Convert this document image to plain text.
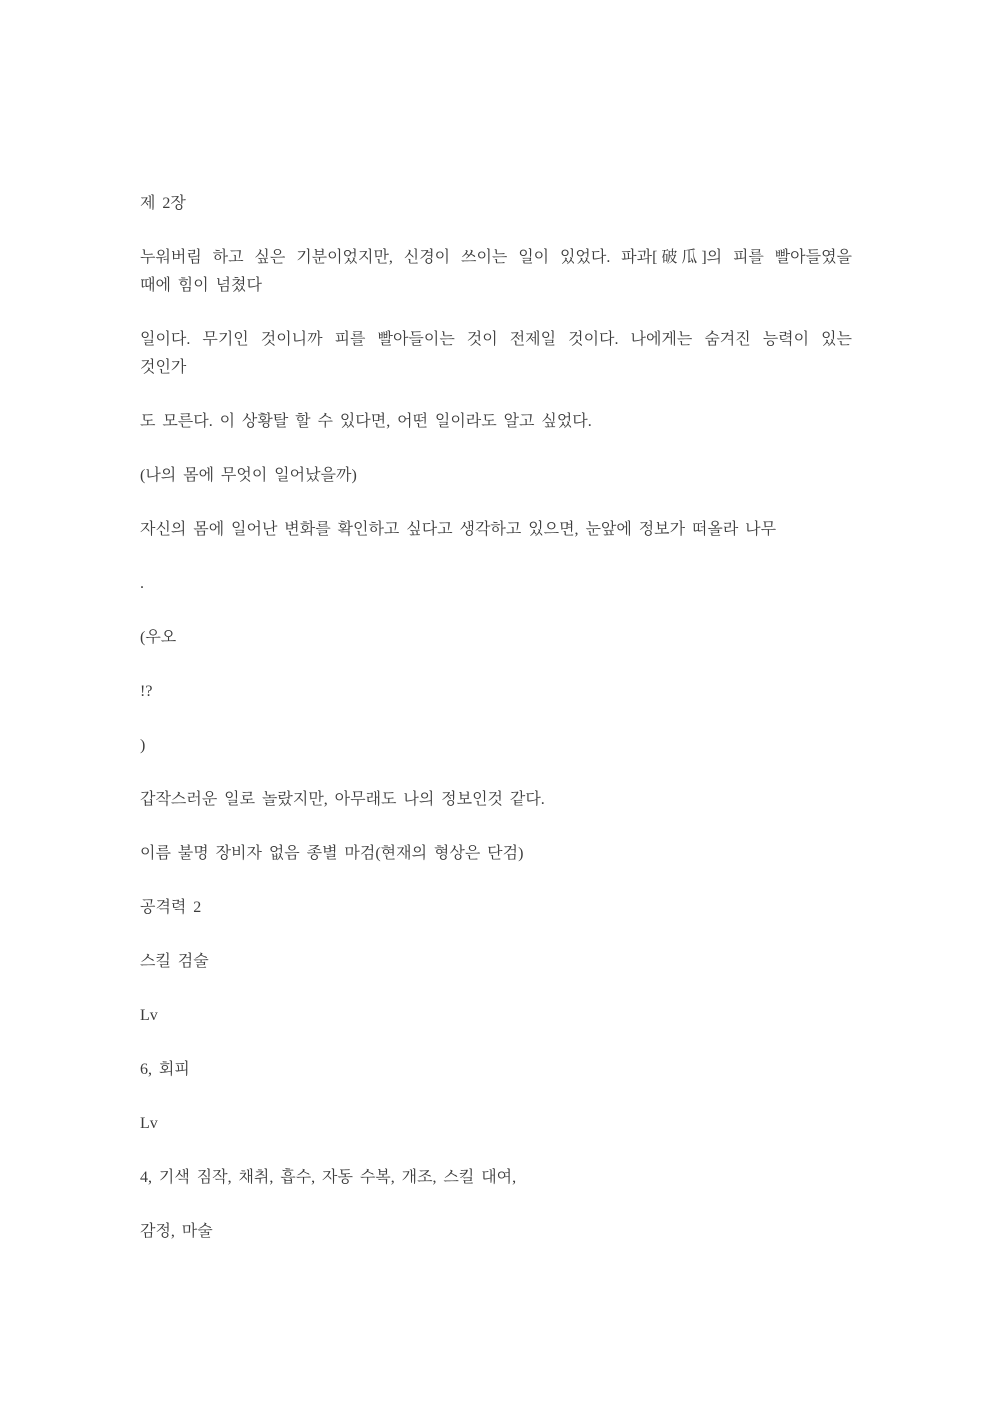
제 2장

누워버림 하고 싶은 기분이었지만, 신경이 쓰이는 일이 있었다. 파과[破瓜]의 피를 빨아들였을

때에 힘이 넘쳤다

일이다. 무기인 것이니까 피를 빨아들이는 것이 전제일 것이다. 나에게는 숨겨진 능력이 있는

것인가

도 모른다. 이 상황탈 할 수 있다면, 어떤 일이라도 알고 싶었다.

(나의 몸에 무엇이 일어났을까)

자신의 몸에 일어난 변화를 확인하고 싶다고 생각하고 있으면, 눈앞에 정보가 떠올라 나무

.

(우오

!?

)

갑작스러운 일로 놀랐지만, 아무래도 나의 정보인것 같다.

이름 불명 장비자 없음 종별 마검(현재의 형상은 단검)

공격력 2

스킬 검술

Lv

6, 회피

Lv

4, 기색 짐작, 채취, 흡수, 자동 수복, 개조, 스킬 대여,

감정, 마술
